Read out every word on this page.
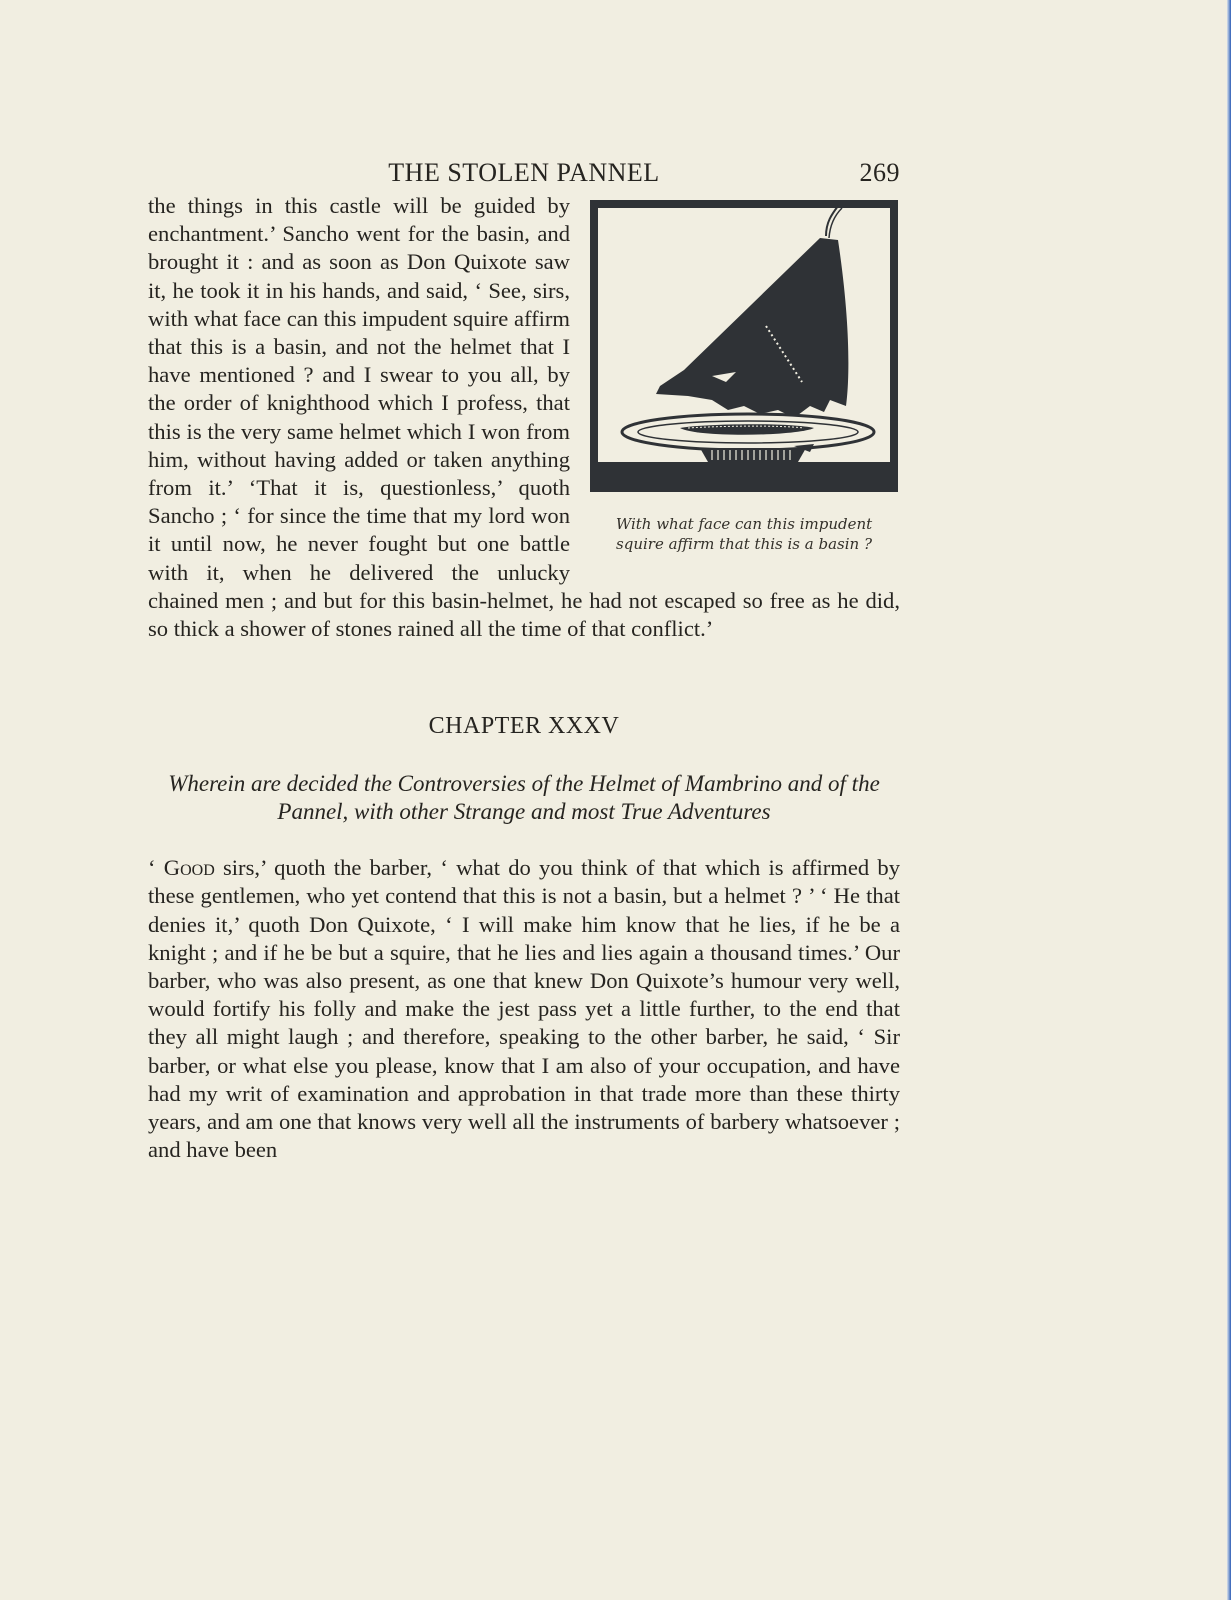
THE STOLEN PANNEL	269
With what face can this impudent
squire affirm that this is a basin ?

the things in this castle will be guided by enchantment.’ Sancho went for the basin, and brought it : and as soon as Don Quixote saw it, he took it in his hands, and said, ‘ See, sirs, with what face can this impudent squire affirm that this is a basin, and not the helmet that I have mentioned ? and I swear to you all, by the order of knighthood which I profess, that this is the very same helmet which I won from him, without having added or taken anything from it.’ ‘That it is, questionless,’ quoth Sancho ; ‘ for since the time that my lord won it until now, he never fought but one battle with it, when he delivered the unlucky chained men ; and but for this basin-helmet, he had not escaped so free as he did, so thick a shower of stones rained all the time of that conflict.’

CHAPTER XXXV

Wherein are decided the Controversies of the Helmet of Mambrino and of the Pannel, with other Strange and most True Adventures

‘ Good sirs,’ quoth the barber, ‘ what do you think of that which is affirmed by these gentlemen, who yet contend that this is not a basin, but a helmet ? ’ ‘ He that denies it,’ quoth Don Quixote, ‘ I will make him know that he lies, if he be a knight ; and if he be but a squire, that he lies and lies again a thousand times.’ Our barber, who was also present, as one that knew Don Quixote’s humour very well, would fortify his folly and make the jest pass yet a little further, to the end that they all might laugh ; and therefore, speaking to the other barber, he said, ‘ Sir barber, or what else you please, know that I am also of your occupation, and have had my writ of examination and approbation in that trade more than these thirty years, and am one that knows very well all the instruments of barbery whatsoever ; and have been
